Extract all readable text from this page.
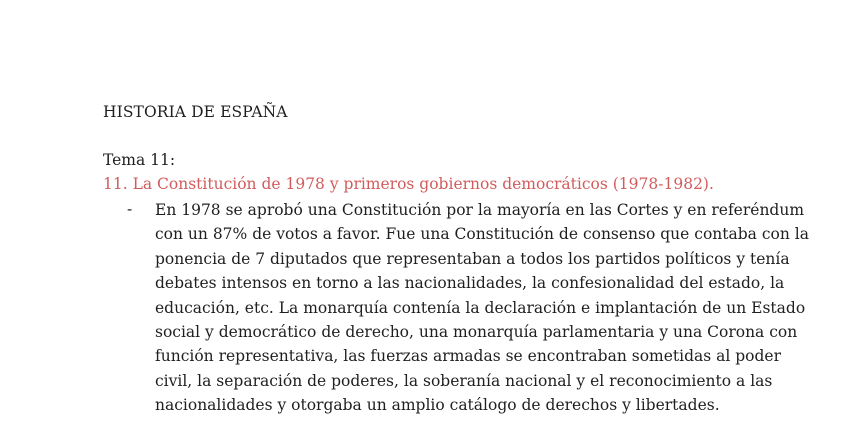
HISTORIA DE ESPAÑA
Tema 11:
11. La Constitución de 1978 y primeros gobiernos democráticos (1978-1982).
- En 1978 se aprobó una Constitución por la mayoría en las Cortes y en referéndum
con un 87% de votos a favor. Fue una Constitución de consenso que contaba con la
ponencia de 7 diputados que representaban a todos los partidos políticos y tenía
debates intensos en torno a las nacionalidades, la confesionalidad del estado, la
educación, etc. La monarquía contenía la declaración e implantación de un Estado
social y democrático de derecho, una monarquía parlamentaria y una Corona con
función representativa, las fuerzas armadas se encontraban sometidas al poder
civil, la separación de poderes, la soberanía nacional y el reconocimiento a las
nacionalidades y otorgaba un amplio catálogo de derechos y libertades.
